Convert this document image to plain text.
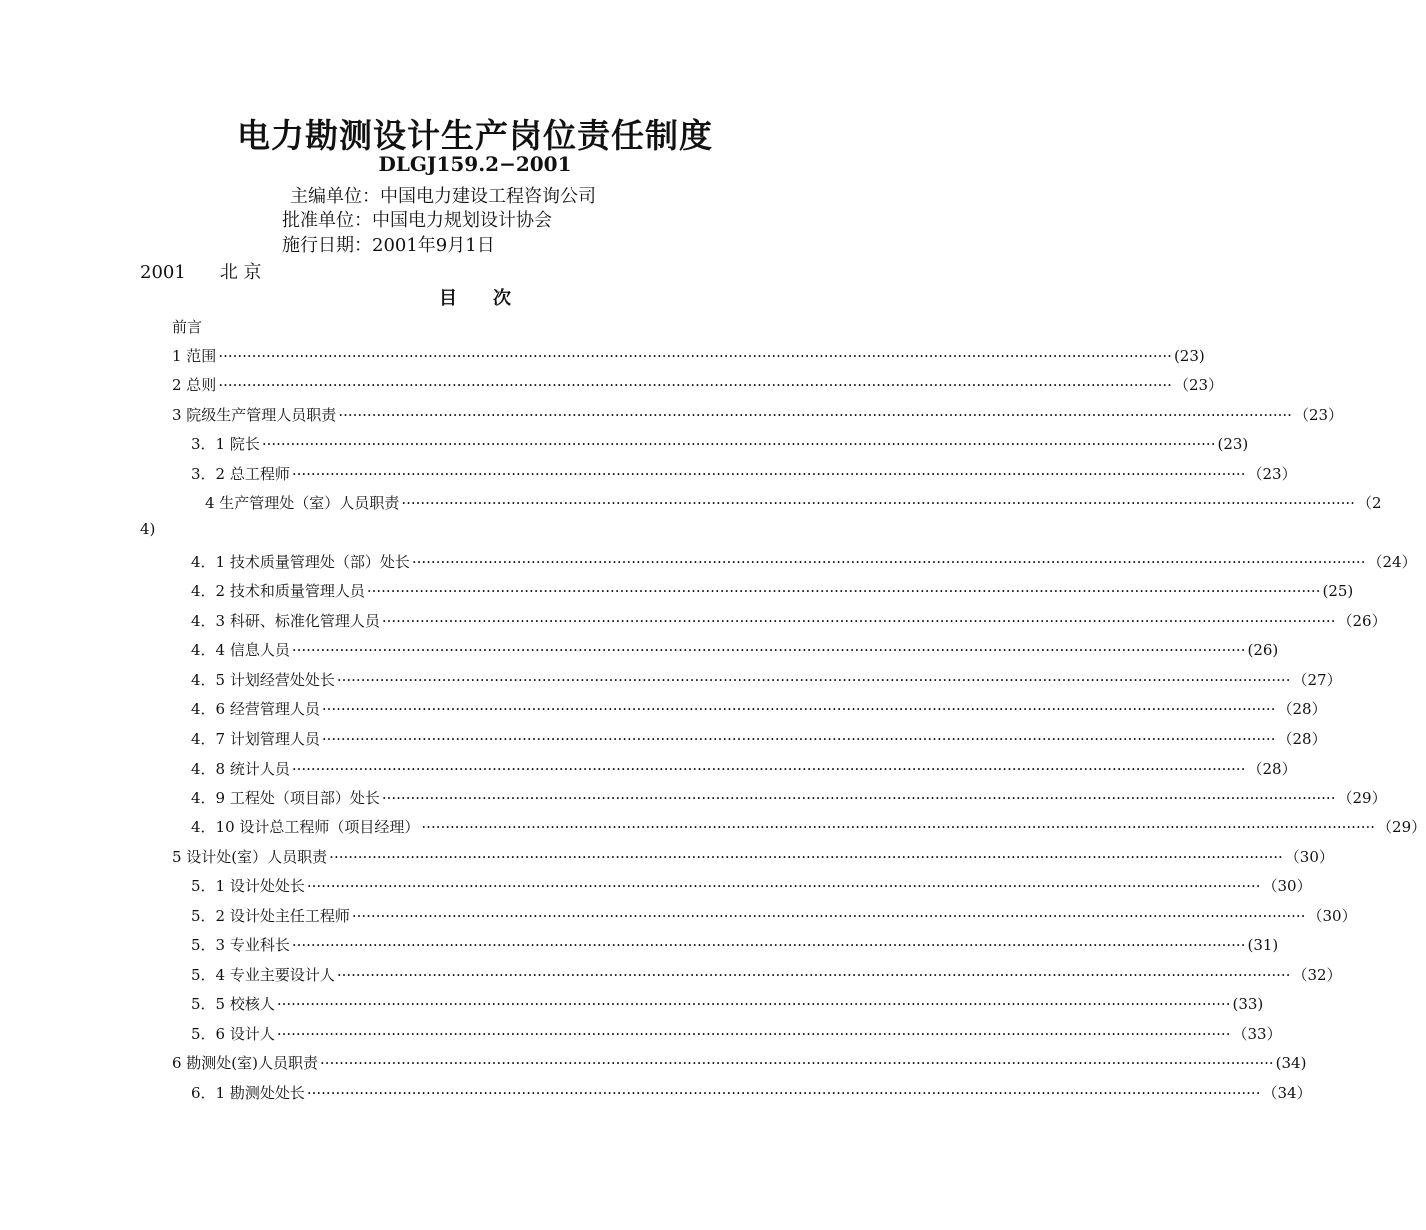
电力勘测设计生产岗位责任制度
DLGJ159.2−2001
主编单位：中国电力建设工程咨询公司
批准单位：中国电力规划设计协会
施行日期：2001年9月1日
2001 北 京
目　　次
前言
1 范围 ········································································································································································································ (23)
2 总则 ········································································································································································································ （23）
3 院级生产管理人员职责 ········································································································································································································ （23）
3．1 院长 ········································································································································································································ (23)
3．2 总工程师 ········································································································································································································ （23）
4 生产管理处（室）人员职责 ········································································································································································································ （2
4)
4．1 技术质量管理处（部）处长 ········································································································································································································ （24）
4．2 技术和质量管理人员 ········································································································································································································ (25)
4．3 科研、标准化管理人员 ········································································································································································································ （26）
4．4 信息人员 ········································································································································································································ (26)
4．5 计划经营处处长 ········································································································································································································ （27）
4．6 经营管理人员 ········································································································································································································ （28）
4．7 计划管理人员 ········································································································································································································ （28）
4．8 统计人员 ········································································································································································································ （28）
4．9 工程处（项目部）处长 ········································································································································································································ （29）
4．10 设计总工程师（项目经理） ········································································································································································································ （29）
5 设计处(室）人员职责 ········································································································································································································ （30）
5．1 设计处处长 ········································································································································································································ （30）
5．2 设计处主任工程师 ········································································································································································································ （30）
5．3 专业科长 ········································································································································································································ (31)
5．4 专业主要设计人 ········································································································································································································ （32）
5．5 校核人 ········································································································································································································ (33)
5．6 设计人 ········································································································································································································ （33）
6 勘测处(室)人员职责 ········································································································································································································ (34)
6．1 勘测处处长 ········································································································································································································ （34）
